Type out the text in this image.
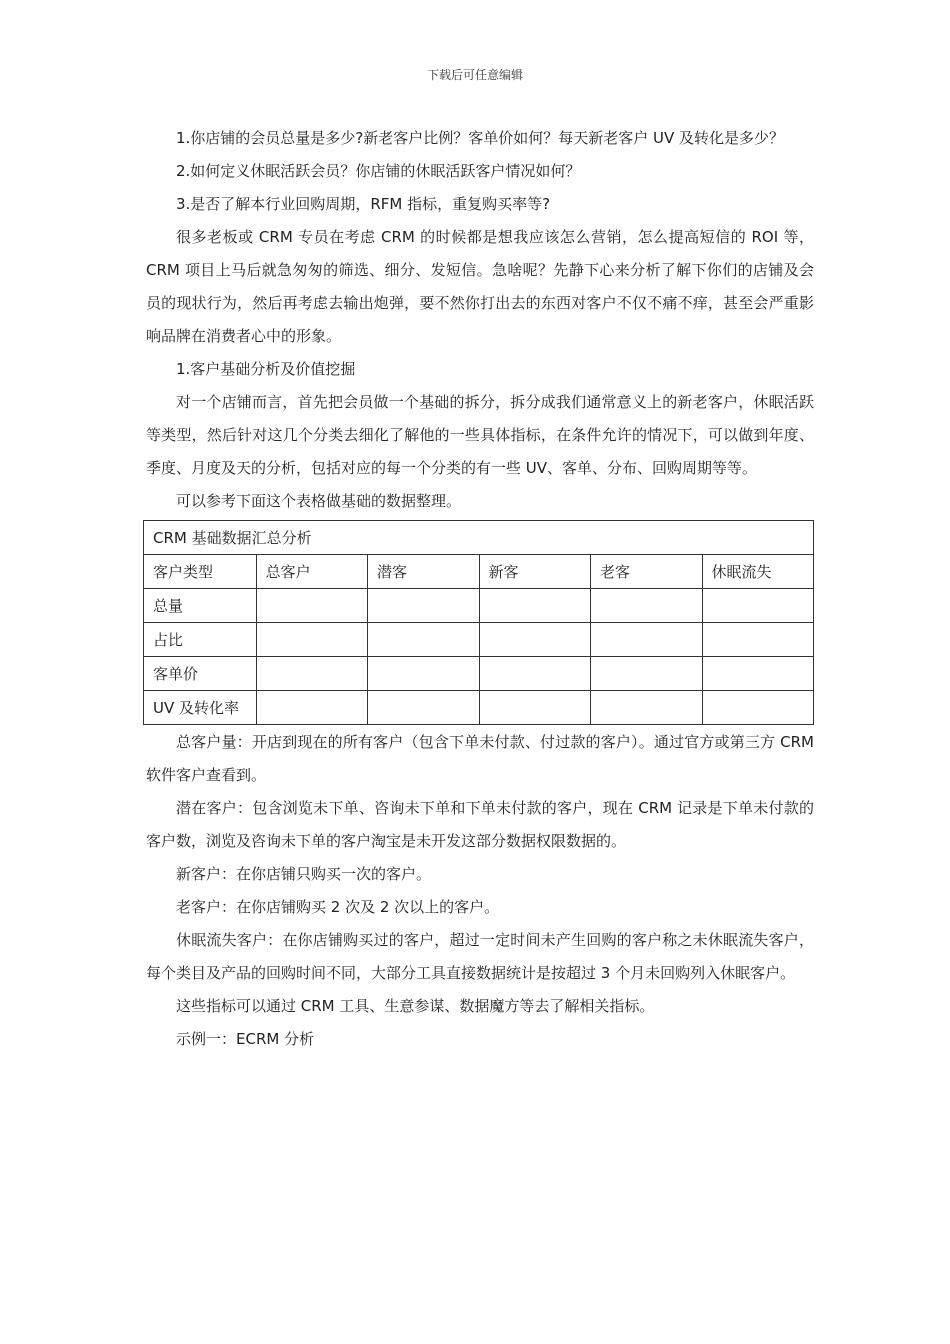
下载后可任意编辑

1.你店铺的会员总量是多少?新老客户比例？客单价如何？每天新老客户 UV 及转化是多少？

2.如何定义休眠活跃会员？你店铺的休眠活跃客户情况如何？

3.是否了解本行业回购周期，RFM 指标，重复购买率等?

很多老板或 CRM 专员在考虑 CRM 的时候都是想我应该怎么营销，怎么提高短信的 ROI 等，CRM 项目上马后就急匆匆的筛选、细分、发短信。急啥呢？先静下心来分析了解下你们的店铺及会员的现状行为，然后再考虑去输出炮弹，要不然你打出去的东西对客户不仅不痛不痒，甚至会严重影响品牌在消费者心中的形象。

1.客户基础分析及价值挖掘

对一个店铺而言，首先把会员做一个基础的拆分，拆分成我们通常意义上的新老客户，休眠活跃等类型，然后针对这几个分类去细化了解他的一些具体指标，在条件允许的情况下，可以做到年度、季度、月度及天的分析，包括对应的每一个分类的有一些 UV、客单、分布、回购周期等等。

可以参考下面这个表格做基础的数据整理。

CRM 基础数据汇总分析					
客户类型	总客户	潜客	新客	老客	休眠流失
总量					
占比					
客单价					
UV 及转化率					

总客户量：开店到现在的所有客户（包含下单未付款、付过款的客户）。通过官方或第三方 CRM 软件客户查看到。

潜在客户：包含浏览未下单、咨询未下单和下单未付款的客户，现在 CRM 记录是下单未付款的客户数，浏览及咨询未下单的客户淘宝是未开发这部分数据权限数据的。

新客户：在你店铺只购买一次的客户。

老客户：在你店铺购买 2 次及 2 次以上的客户。

休眠流失客户：在你店铺购买过的客户，超过一定时间未产生回购的客户称之未休眠流失客户，每个类目及产品的回购时间不同，大部分工具直接数据统计是按超过 3 个月未回购列入休眠客户。

这些指标可以通过 CRM 工具、生意参谋、数据魔方等去了解相关指标。

示例一：ECRM 分析
